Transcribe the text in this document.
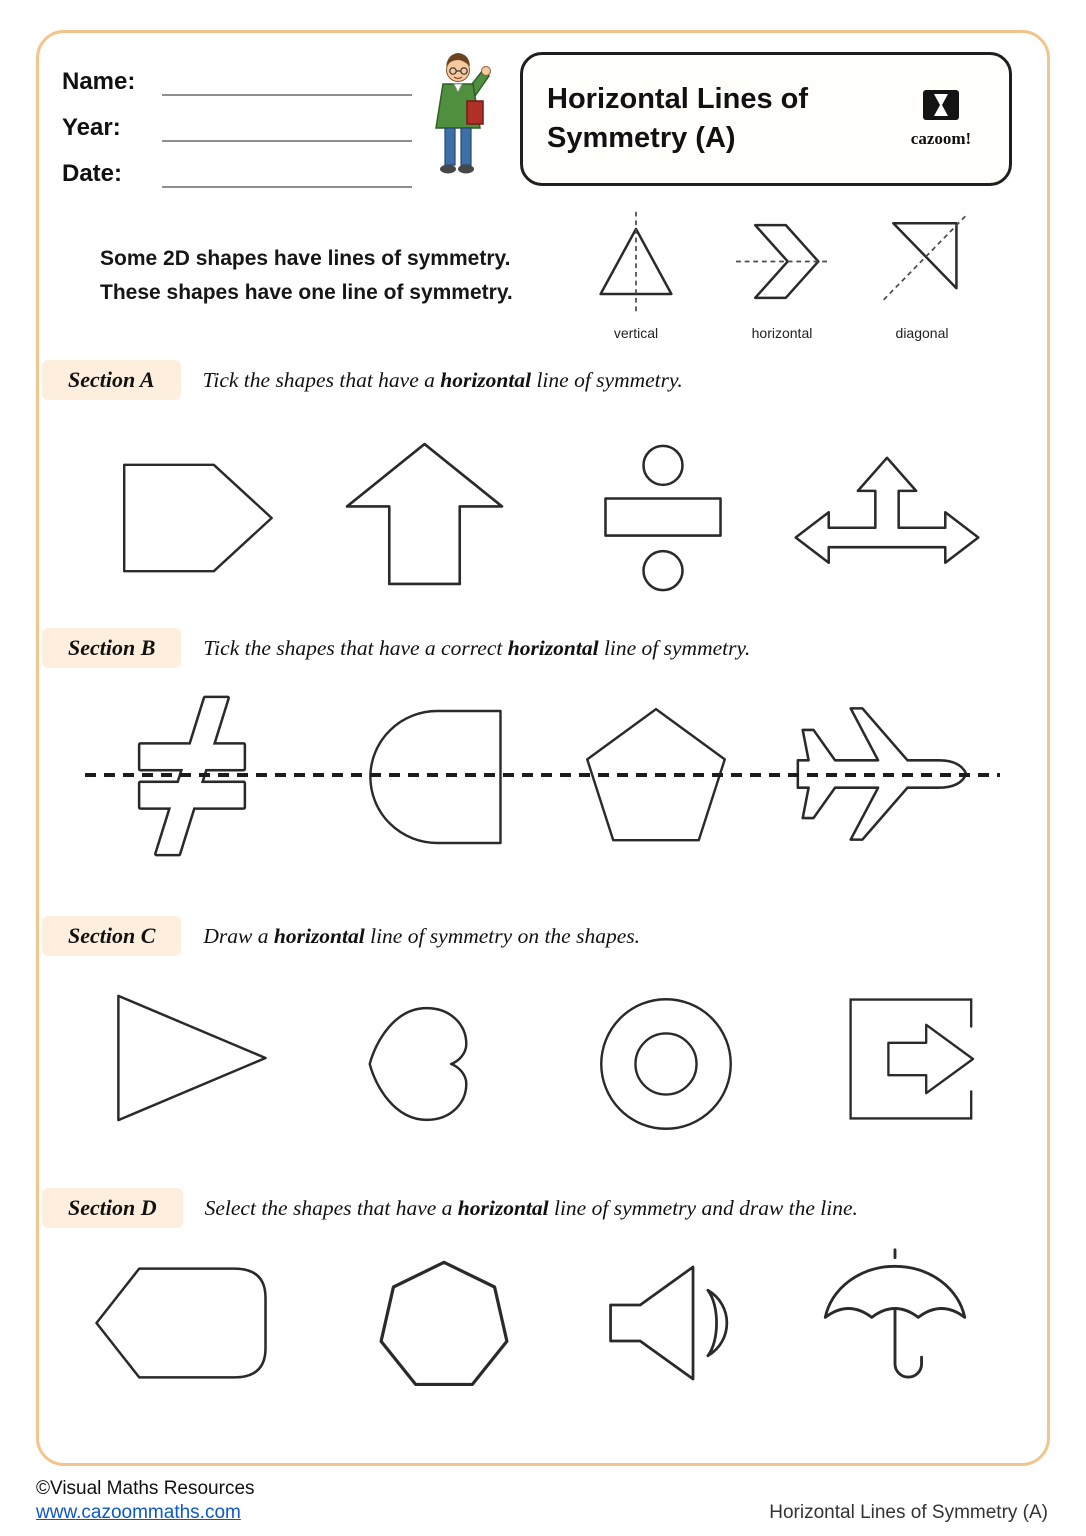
Name:
Year:
Date:
Horizontal Lines of
Symmetry (A)	cazoom!
Some 2D shapes have lines of symmetry.
These shapes have one line of symmetry.
vertical	horizontal	diagonal
Section A	Tick the shapes that have a horizontal line of symmetry.
Section B	Tick the shapes that have a correct horizontal line of symmetry.
Section C	Draw a horizontal line of symmetry on the shapes.
Section D	Select the shapes that have a horizontal line of symmetry and draw the line.
©Visual Maths Resources
www.cazoommaths.com	Horizontal Lines of Symmetry (A)
